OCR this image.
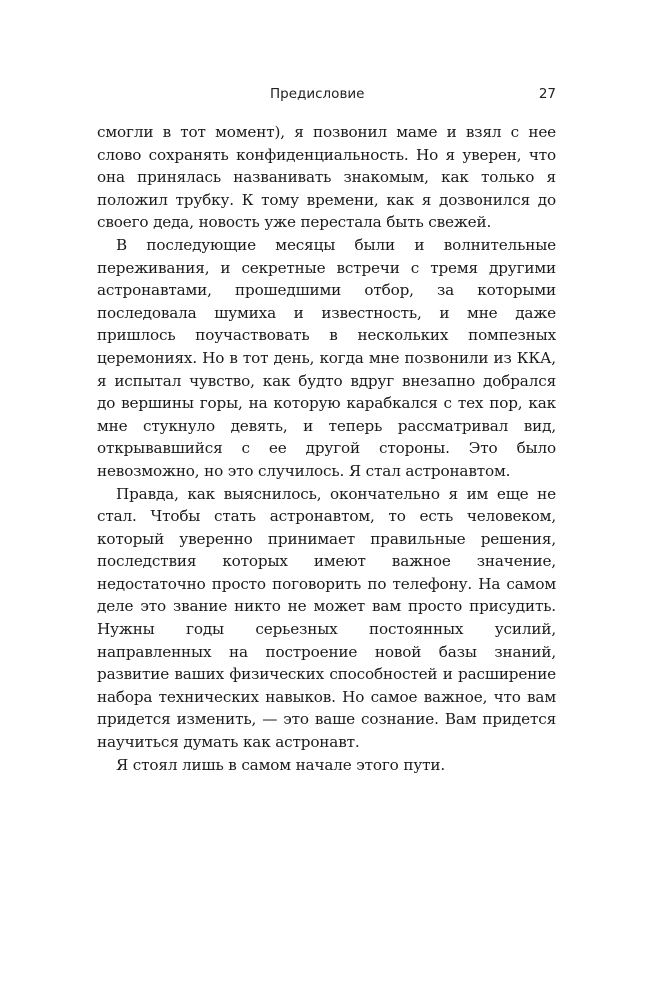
Предисловие	27

смогли в тот момент), я позвонил маме и взял с нее слово сохранять конфиденциальность. Но я уверен, что она принялась названивать знакомым, как только я положил трубку. К тому времени, как я дозвонился до своего деда, новость уже перестала быть свежей.

В последующие месяцы были и волнительные переживания, и секретные встречи с тремя другими астронавтами, прошедшими отбор, за которыми последовала шумиха и известность, и мне даже пришлось поучаствовать в нескольких помпезных церемониях. Но в тот день, когда мне позвонили из ККА, я испытал чувство, как будто вдруг внезапно добрался до вершины горы, на которую карабкался с тех пор, как мне стукнуло девять, и теперь рассматривал вид, открывавшийся с ее другой стороны. Это было невозможно, но это случилось. Я стал астронавтом.

Правда, как выяснилось, окончательно я им еще не стал. Чтобы стать астронавтом, то есть человеком, который уверенно принимает правильные решения, последствия которых имеют важное значение, недостаточно просто поговорить по телефону. На самом деле это звание никто не может вам просто присудить. Нужны годы серьезных постоянных усилий, направленных на построение новой базы знаний, развитие ваших физических способностей и расширение набора технических навыков. Но самое важное, что вам придется изменить, — это ваше сознание. Вам придется научиться думать как астронавт.

Я стоял лишь в самом начале этого пути.
